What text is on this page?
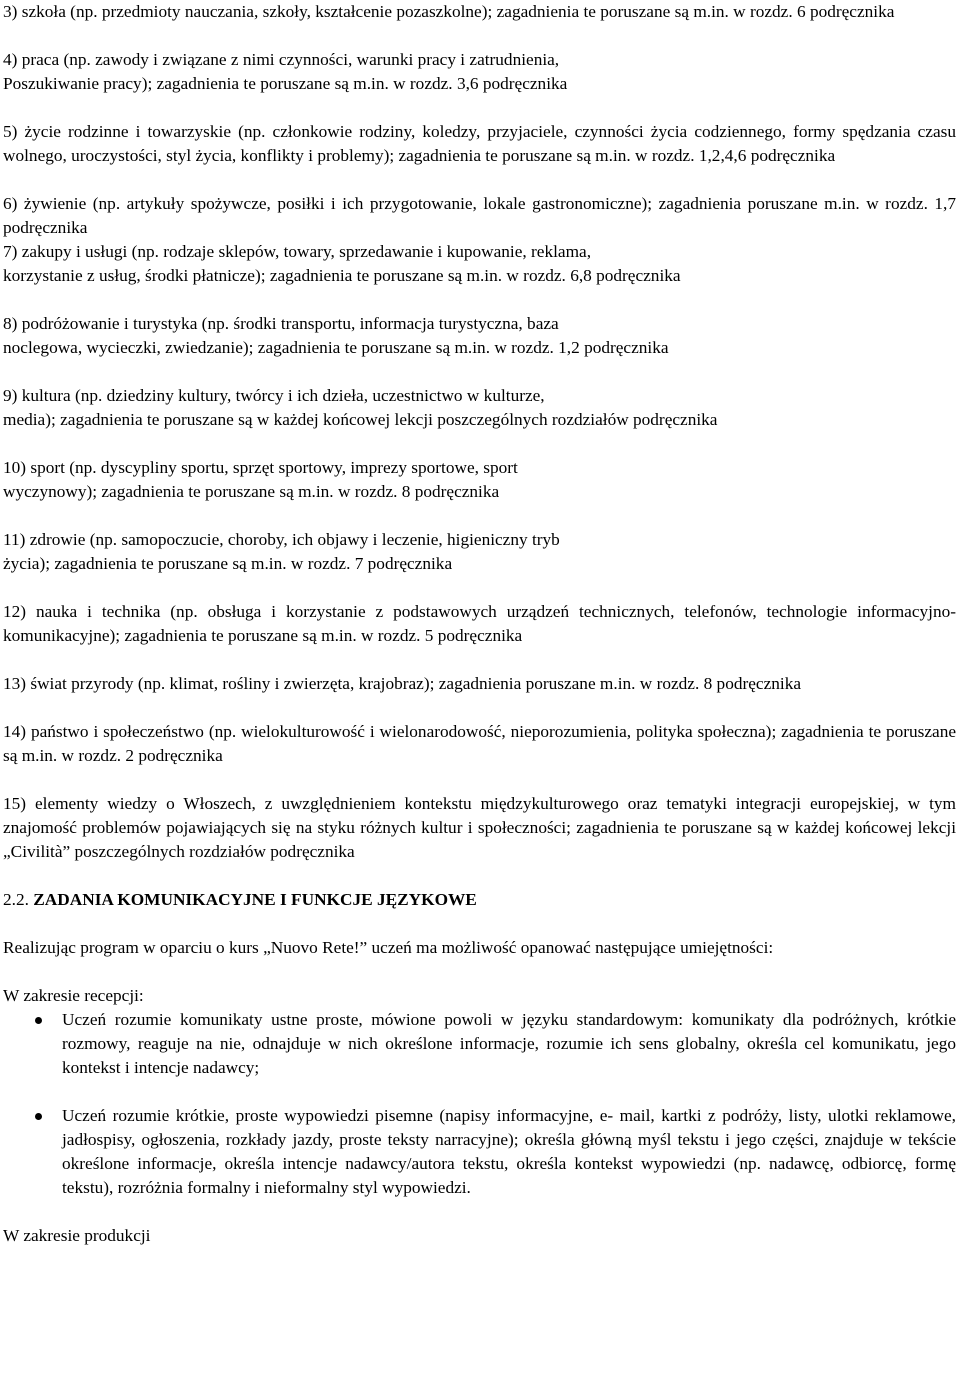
3) szkoła (np. przedmioty nauczania, szkoły, kształcenie pozaszkolne); zagadnienia te poruszane są m.in. w rozdz. 6 podręcznika

4) praca (np. zawody i związane z nimi czynności, warunki pracy i zatrudnienia,
Poszukiwanie pracy); zagadnienia te poruszane są m.in. w rozdz. 3,6 podręcznika

5) życie rodzinne i towarzyskie (np. członkowie rodziny, koledzy, przyjaciele, czynności życia codziennego, formy spędzania czasu wolnego, uroczystości, styl życia, konflikty i problemy); zagadnienia te poruszane są m.in. w rozdz. 1,2,4,6 podręcznika

6) żywienie (np. artykuły spożywcze, posiłki i ich przygotowanie, lokale gastronomiczne); zagadnienia poruszane m.in. w rozdz. 1,7 podręcznika

7) zakupy i usługi (np. rodzaje sklepów, towary, sprzedawanie i kupowanie, reklama,
korzystanie z usług, środki płatnicze); zagadnienia te poruszane są m.in. w rozdz. 6,8 podręcznika

8) podróżowanie i turystyka (np. środki transportu, informacja turystyczna, baza
noclegowa, wycieczki, zwiedzanie); zagadnienia te poruszane są m.in. w rozdz. 1,2 podręcznika

9) kultura (np. dziedziny kultury, twórcy i ich dzieła, uczestnictwo w kulturze,
media); zagadnienia te poruszane są w każdej końcowej lekcji poszczególnych rozdziałów podręcznika

10) sport (np. dyscypliny sportu, sprzęt sportowy, imprezy sportowe, sport
wyczynowy); zagadnienia te poruszane są m.in. w rozdz. 8 podręcznika

11) zdrowie (np. samopoczucie, choroby, ich objawy i leczenie, higieniczny tryb
życia); zagadnienia te poruszane są m.in. w rozdz. 7 podręcznika

12) nauka i technika (np. obsługa i korzystanie z podstawowych urządzeń technicznych, telefonów, technologie informacyjno-komunikacyjne); zagadnienia te poruszane są m.in. w rozdz. 5 podręcznika

13) świat przyrody (np. klimat, rośliny i zwierzęta, krajobraz); zagadnienia poruszane m.in. w rozdz. 8 podręcznika

14) państwo i społeczeństwo (np. wielokulturowość i wielonarodowość, nieporozumienia, polityka społeczna); zagadnienia te poruszane są m.in. w rozdz. 2 podręcznika

15) elementy wiedzy o Włoszech, z uwzględnieniem kontekstu międzykulturowego oraz tematyki integracji europejskiej, w tym znajomość problemów pojawiających się na styku różnych kultur i społeczności; zagadnienia te poruszane są w każdej końcowej lekcji „Civilità” poszczególnych rozdziałów podręcznika

2.2. ZADANIA KOMUNIKACYJNE I FUNKCJE JĘZYKOWE

Realizując program w oparciu o kurs „Nuovo Rete!” uczeń ma możliwość opanować następujące umiejętności:

W zakresie recepcji:

Uczeń rozumie komunikaty ustne proste, mówione powoli w języku standardowym: komunikaty dla podróżnych, krótkie rozmowy, reaguje na nie, odnajduje w nich określone informacje, rozumie ich sens globalny, określa cel komunikatu, jego kontekst i intencje nadawcy;
Uczeń rozumie krótkie, proste wypowiedzi pisemne (napisy informacyjne, e- mail, kartki z podróży, listy, ulotki reklamowe, jadłospisy, ogłoszenia, rozkłady jazdy, proste teksty narracyjne); określa główną myśl tekstu i jego części, znajduje w tekście określone informacje, określa intencje nadawcy/autora tekstu, określa kontekst wypowiedzi (np. nadawcę, odbiorcę, formę tekstu), rozróżnia formalny i nieformalny styl wypowiedzi.

W zakresie produkcji
